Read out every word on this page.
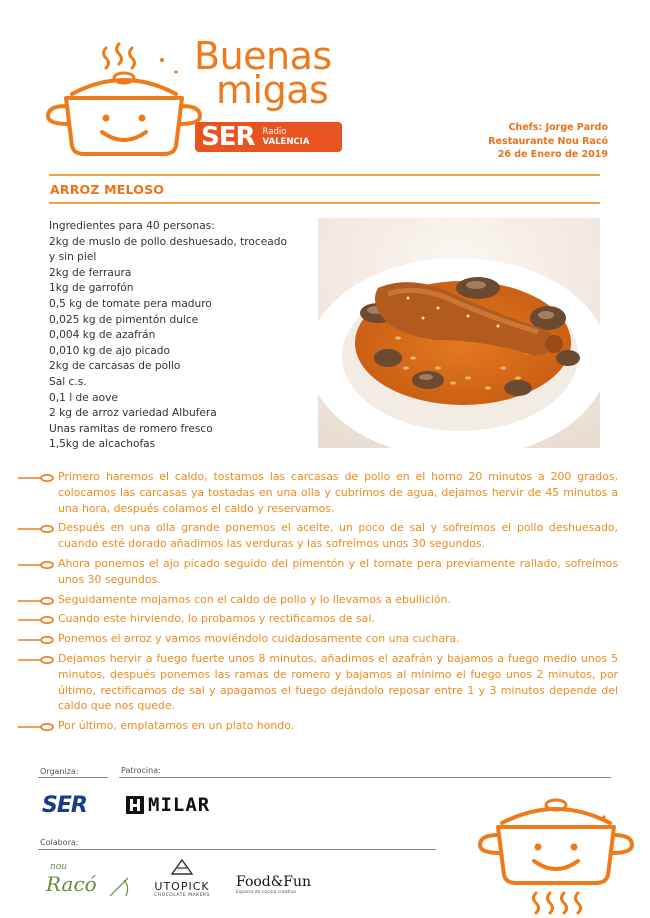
Buenas
migas
SER Radio
VALENCIA
Chefs: Jorge Pardo
Restaurante Nou Racó
26 de Enero de 2019
ARROZ MELOSO
Ingredientes para 40 personas:
2kg de muslo de pollo deshuesado, troceado
y sin piel
2kg de ferraura
1kg de garrofón
0,5 kg de tomate pera maduro
0,025 kg de pimentón dulce
0,004 kg de azafrán
0,010 kg de ajo picado
2kg de carcasas de pollo
Sal c.s.
0,1 l de aove
2 kg de arroz variedad Albufera
Unas ramitas de romero fresco
1,5kg de alcachofas
Primero haremos el caldo, tostamos las carcasas de pollo en el horno 20 minutos a 200 grados, colocamos las carcasas ya tostadas en una olla y cubrimos de agua, dejamos hervir de 45 minutos a una hora, después colamos el caldo y reservamos.
Después en una olla grande ponemos el aceite, un poco de sal y sofreímos el pollo deshuesado, cuando esté dorado añadimos las verduras y las sofreímos unos 30 segundos.
Ahora ponemos el ajo picado seguido del pimentón y el tomate pera previamente rallado, sofreímos unos 30 segundos.
Seguidamente mojamos con el caldo de pollo y lo llevamos a ebullición.
Cuando este hirviendo, lo probamos y rectificamos de sal.
Ponemos el arroz y vamos moviéndolo cuidadosamente con una cuchara.
Dejamos hervir a fuego fuerte unos 8 minutos, añadimos el azafrán y bajamos a fuego medio unos 5 minutos, después ponemos las ramas de romero y bajamos al mínimo el fuego unos 2 minutos, por último, rectificamos de sal y apagamos el fuego dejándolo reposar entre 1 y 3 minutos depende del caldo que nos quede.
Por último, emplatamos en un plato hondo.
Organiza:	Patrocina:
SER	MILAR
Colabora:
nou
Racó	UTOPICK
CHOCOLATE MAKERS
Food&Fun
Espacio de cocina creativa
